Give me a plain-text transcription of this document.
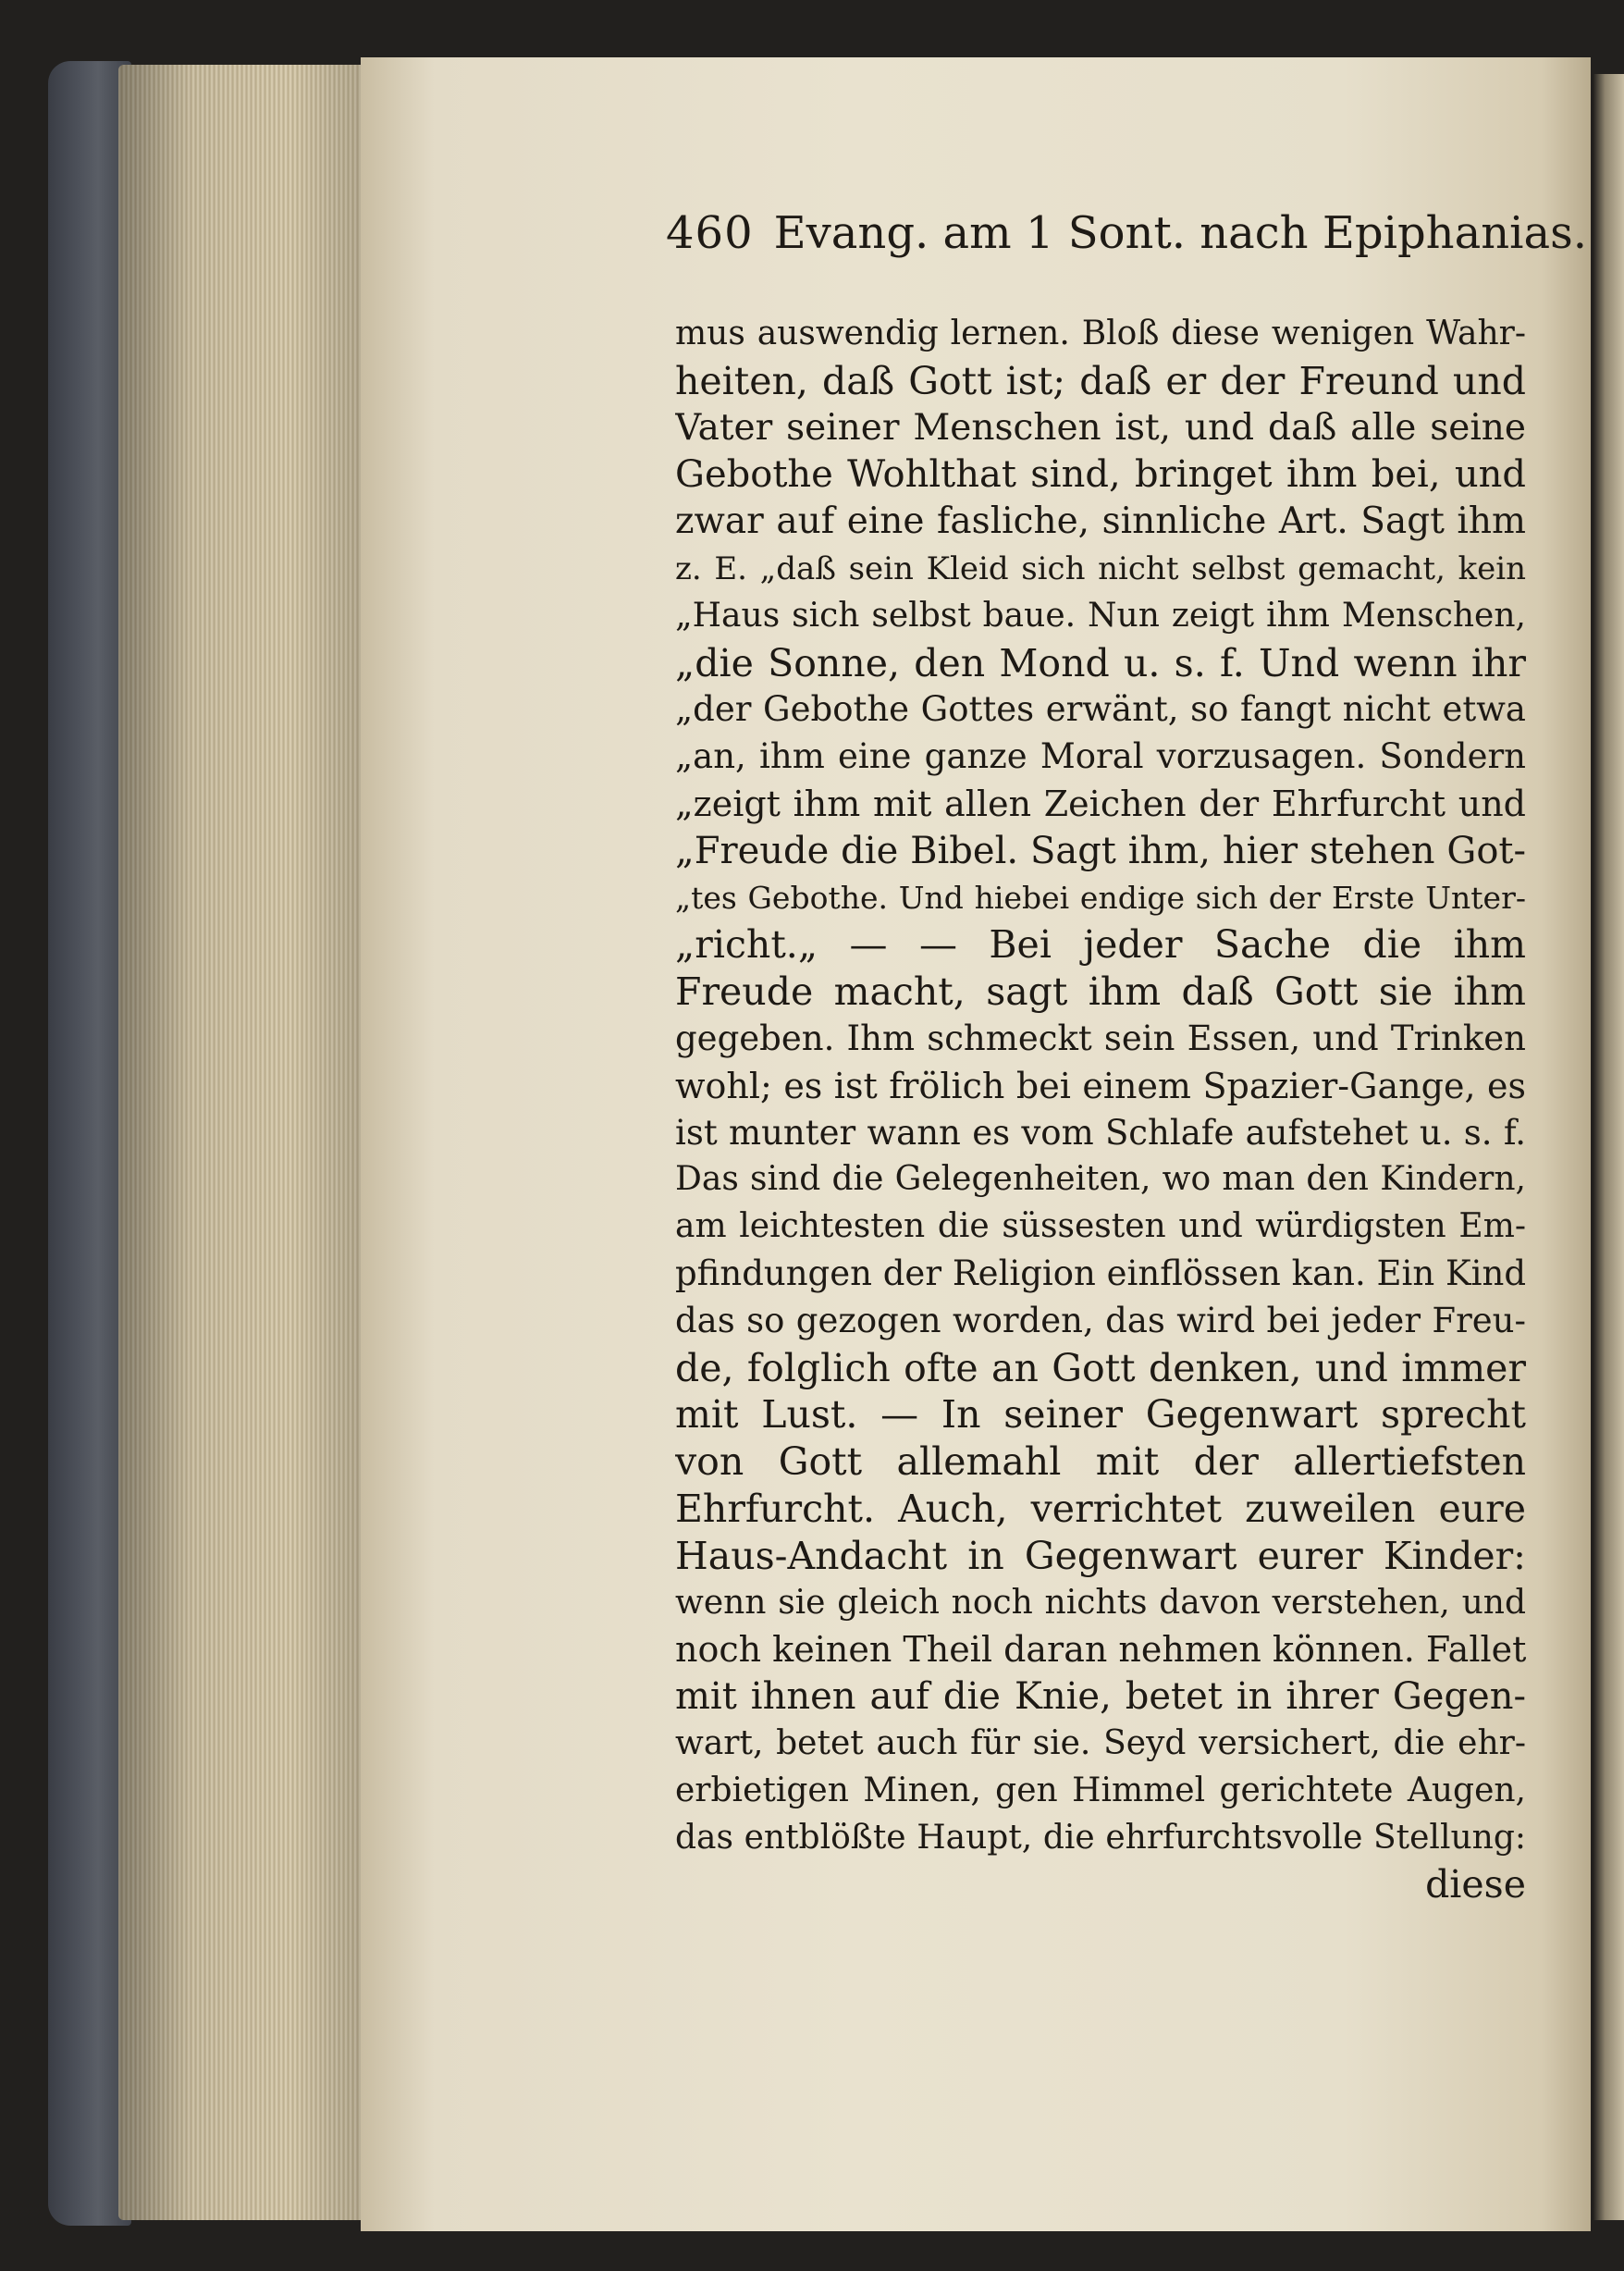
460 Evang. am 1 Sont. nach Epiphanias.
mus auswendig lernen. Bloß diese wenigen Wahr-
heiten, daß Gott ist; daß er der Freund und
Vater seiner Menschen ist, und daß alle seine
Gebothe Wohlthat sind, bringet ihm bei, und
zwar auf eine fasliche, sinnliche Art. Sagt ihm
z. E. „daß sein Kleid sich nicht selbst gemacht, kein
„Haus sich selbst baue. Nun zeigt ihm Menschen,
„die Sonne, den Mond u. s. f. Und wenn ihr
„der Gebothe Gottes erwänt, so fangt nicht etwa
„an, ihm eine ganze Moral vorzusagen. Sondern
„zeigt ihm mit allen Zeichen der Ehrfurcht und
„Freude die Bibel. Sagt ihm, hier stehen Got-
„tes Gebothe. Und hiebei endige sich der Erste Unter-
„richt.„ — — Bei jeder Sache die ihm
Freude macht, sagt ihm daß Gott sie ihm
gegeben. Ihm schmeckt sein Essen, und Trinken
wohl; es ist frölich bei einem Spazier-Gange, es
ist munter wann es vom Schlafe aufstehet u. s. f.
Das sind die Gelegenheiten, wo man den Kindern,
am leichtesten die süssesten und würdigsten Em-
pfindungen der Religion einflössen kan. Ein Kind
das so gezogen worden, das wird bei jeder Freu-
de, folglich ofte an Gott denken, und immer
mit Lust. — In seiner Gegenwart sprecht
von Gott allemahl mit der allertiefsten
Ehrfurcht. Auch, verrichtet zuweilen eure
Haus-Andacht in Gegenwart eurer Kinder:
wenn sie gleich noch nichts davon verstehen, und
noch keinen Theil daran nehmen können. Fallet
mit ihnen auf die Knie, betet in ihrer Gegen-
wart, betet auch für sie. Seyd versichert, die ehr-
erbietigen Minen, gen Himmel gerichtete Augen,
das entblößte Haupt, die ehrfurchtsvolle Stellung:
diese
